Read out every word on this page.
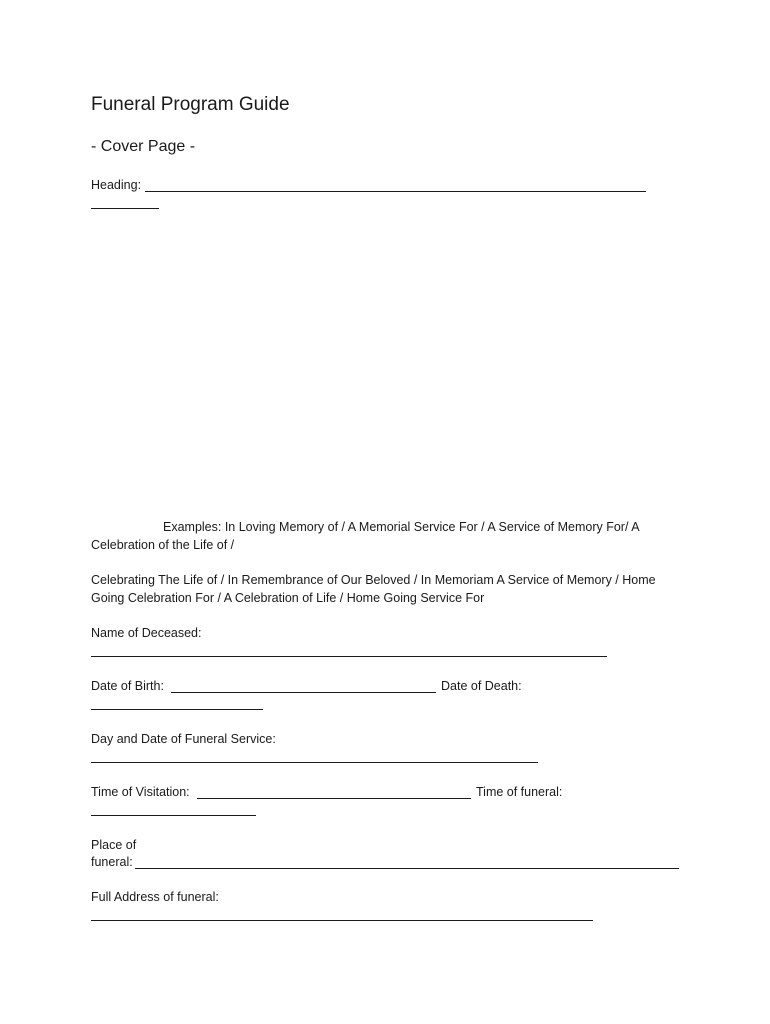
Funeral Program Guide
- Cover Page -
Heading:
Examples: In Loving Memory of / A Memorial Service For / A Service of Memory For/ A
Celebration of the Life of /
Celebrating The Life of / In Remembrance of Our Beloved / In Memoriam A Service of Memory / Home
Going Celebration For / A Celebration of Life / Home Going Service For
Name of Deceased:
Date of Birth:	Date of Death:
Day and Date of Funeral Service:
Time of Visitation:	Time of funeral:
Place of
funeral:
Full Address of funeral:
